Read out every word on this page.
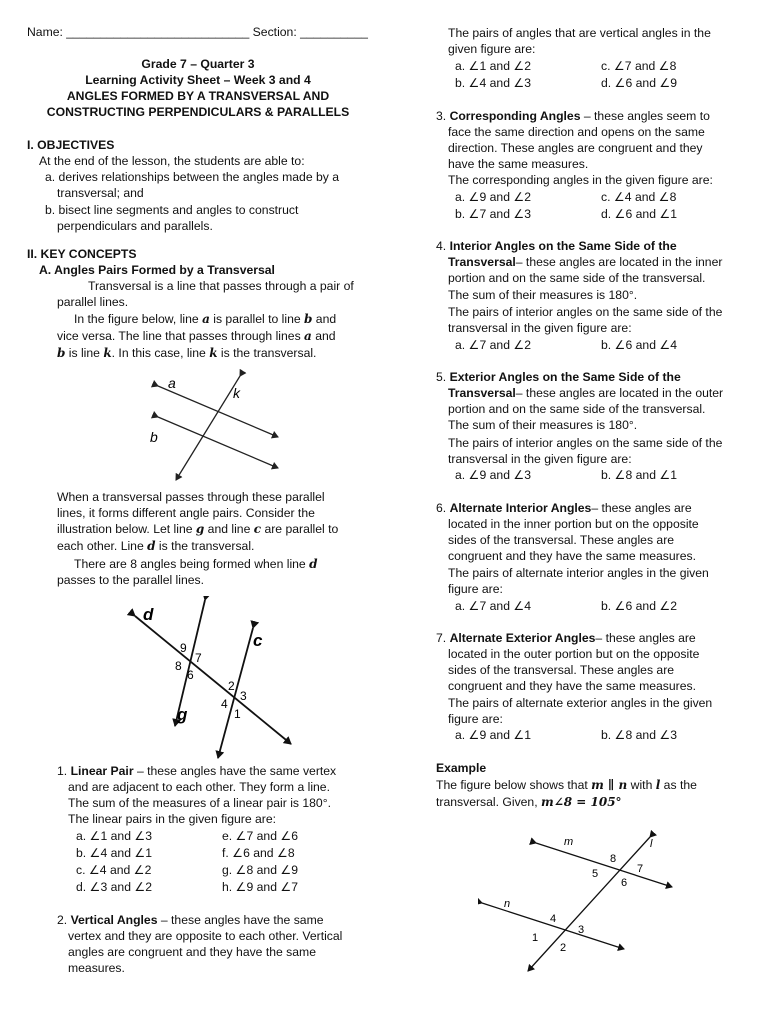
Name: ___________________________ Section: __________
Grade 7 – Quarter 3
Learning Activity Sheet – Week 3 and 4
ANGLES FORMED BY A TRANSVERSAL AND
CONSTRUCTING PERPENDICULARS & PARALLELS
I. OBJECTIVES
At the end of the lesson, the students are able to:
a. derives relationships between the angles made by a
transversal; and
b. bisect line segments and angles to construct
perpendiculars and parallels.
II. KEY CONCEPTS
A. Angles Pairs Formed by a Transversal
Transversal is a line that passes through a pair of
parallel lines.
In the figure below, line a is parallel to line b and
vice versa. The line that passes through lines a and
b is line k. In this case, line k is the transversal.
a
b
k
When a transversal passes through these parallel
lines, it forms different angle pairs. Consider the
illustration below. Let line g and line c are parallel to
each other. Line d is the transversal.
There are 8 angles being formed when line d
passes to the parallel lines.
d
c
g
9
7
8
6
2
3
4
1
1. Linear Pair – these angles have the same vertex
and are adjacent to each other. They form a line.
The sum of the measures of a linear pair is 180°.
The linear pairs in the given figure are:
a. ∠1 and ∠3	e. ∠7 and ∠6
b. ∠4 and ∠1	f. ∠6 and ∠8
c. ∠4 and ∠2	g. ∠8 and ∠9
d. ∠3 and ∠2	h. ∠9 and ∠7
2. Vertical Angles – these angles have the same
vertex and they are opposite to each other. Vertical
angles are congruent and they have the same
measures.
The pairs of angles that are vertical angles in the
given figure are:
a. ∠1 and ∠2	c. ∠7 and ∠8
b. ∠4 and ∠3	d. ∠6 and ∠9
3. Corresponding Angles – these angles seem to
face the same direction and opens on the same
direction. These angles are congruent and they
have the same measures.
The corresponding angles in the given figure are:
a. ∠9 and ∠2	c. ∠4 and ∠8
b. ∠7 and ∠3	d. ∠6 and ∠1
4. Interior Angles on the Same Side of the
Transversal– these angles are located in the inner
portion and on the same side of the transversal.
The sum of their measures is 180°.
The pairs of interior angles on the same side of the
transversal in the given figure are:
a. ∠7 and ∠2	b. ∠6 and ∠4
5. Exterior Angles on the Same Side of the
Transversal– these angles are located in the outer
portion and on the same side of the transversal.
The sum of their measures is 180°.
The pairs of interior angles on the same side of the
transversal in the given figure are:
a. ∠9 and ∠3	b. ∠8 and ∠1
6. Alternate Interior Angles– these angles are
located in the inner portion but on the opposite
sides of the transversal. These angles are
congruent and they have the same measures.
The pairs of alternate interior angles in the given
figure are:
a. ∠7 and ∠4	b. ∠6 and ∠2
7. Alternate Exterior Angles– these angles are
located in the outer portion but on the opposite
sides of the transversal. These angles are
congruent and they have the same measures.
The pairs of alternate exterior angles in the given
figure are:
a. ∠9 and ∠1	b. ∠8 and ∠3
Example
The figure below shows that m ∥ n with l as the
transversal. Given, m∠8 = 105°
m	l
n
8
7
5
6
4
3
1
2
